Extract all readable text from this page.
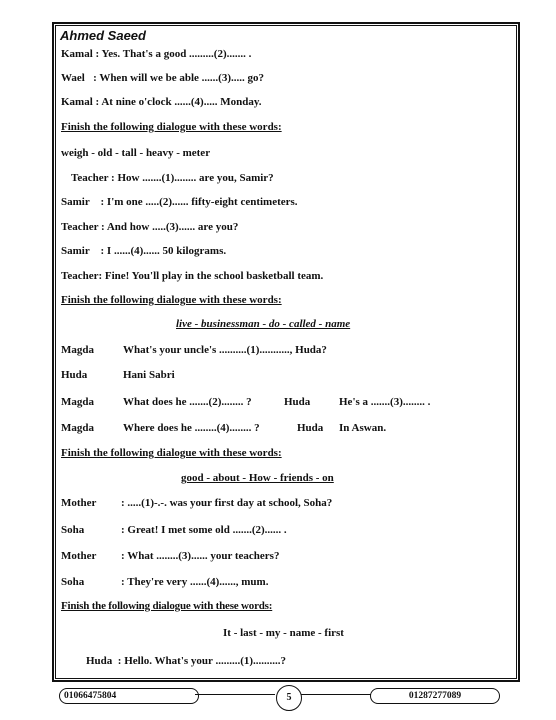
Ahmed Saeed
Kamal : Yes. That's a good .........(2)....... .
Wael   : When will we be able ......(3)..... go?
Kamal : At nine o'clock ......(4)..... Monday.
Finish the following dialogue with these words:
weigh - old - tall - heavy - meter
Teacher : How .......(1)........ are you, Samir?
Samir    : I'm one .....(2)...... fifty-eight centimeters.
Teacher : And how .....(3)...... are you?
Samir    : I ......(4)...... 50 kilograms.
Teacher: Fine! You'll play in the school basketball team.
Finish the following dialogue with these words:
live - businessman - do - called - name
Magda	What's your uncle's ..........(1)..........., Huda?
Huda	Hani Sabri
Magda	What does he .......(2)........ ?	Huda	He's a .......(3)........ .
Magda	Where does he ........(4)........ ?	Huda In Aswan.
Finish the following dialogue with these words:
good - about - How - friends - on
Mother : .....(1)-.-. was your first day at school, Soha?
Soha	: Great! I met some old .......(2)...... .
Mother : What ........(3)...... your teachers?
Soha	: They're very ......(4)......, mum.
Finish the following dialogue with these words:
It - last - my - name - first
Huda  : Hello. What's your .........(1)..........?
01066475804	5	01287277089
